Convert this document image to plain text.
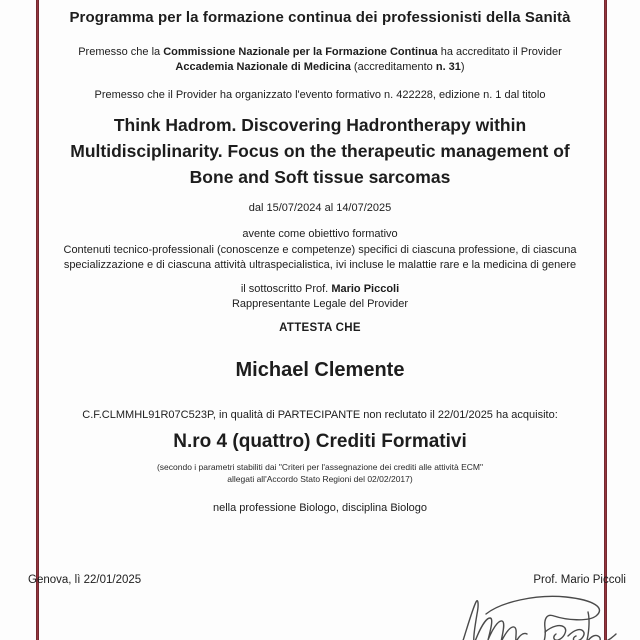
Programma per la formazione continua dei professionisti della Sanità
Premesso che la Commissione Nazionale per la Formazione Continua ha accreditato il Provider
Accademia Nazionale di Medicina (accreditamento n. 31)
Premesso che il Provider ha organizzato l'evento formativo n. 422228, edizione n. 1 dal titolo
Think Hadrom. Discovering Hadrontherapy within Multidisciplinarity. Focus on the therapeutic management of Bone and Soft tissue sarcomas
dal 15/07/2024 al 14/07/2025
avente come obiettivo formativo
Contenuti tecnico-professionali (conoscenze e competenze) specifici di ciascuna professione, di ciascuna specializzazione e di ciascuna attività ultraspecialistica, ivi incluse le malattie rare e la medicina di genere
il sottoscritto Prof. Mario Piccoli
Rappresentante Legale del Provider
ATTESTA CHE
Michael Clemente
C.F.CLMMHL91R07C523P, in qualità di PARTECIPANTE non reclutato il 22/01/2025 ha acquisito:
N.ro 4 (quattro) Crediti Formativi
(secondo i parametri stabiliti dai "Criteri per l'assegnazione dei crediti alle attività ECM"
allegati all'Accordo Stato Regioni del 02/02/2017)
nella professione Biologo, disciplina Biologo
Genova, lì 22/01/2025	Prof. Mario Piccoli
